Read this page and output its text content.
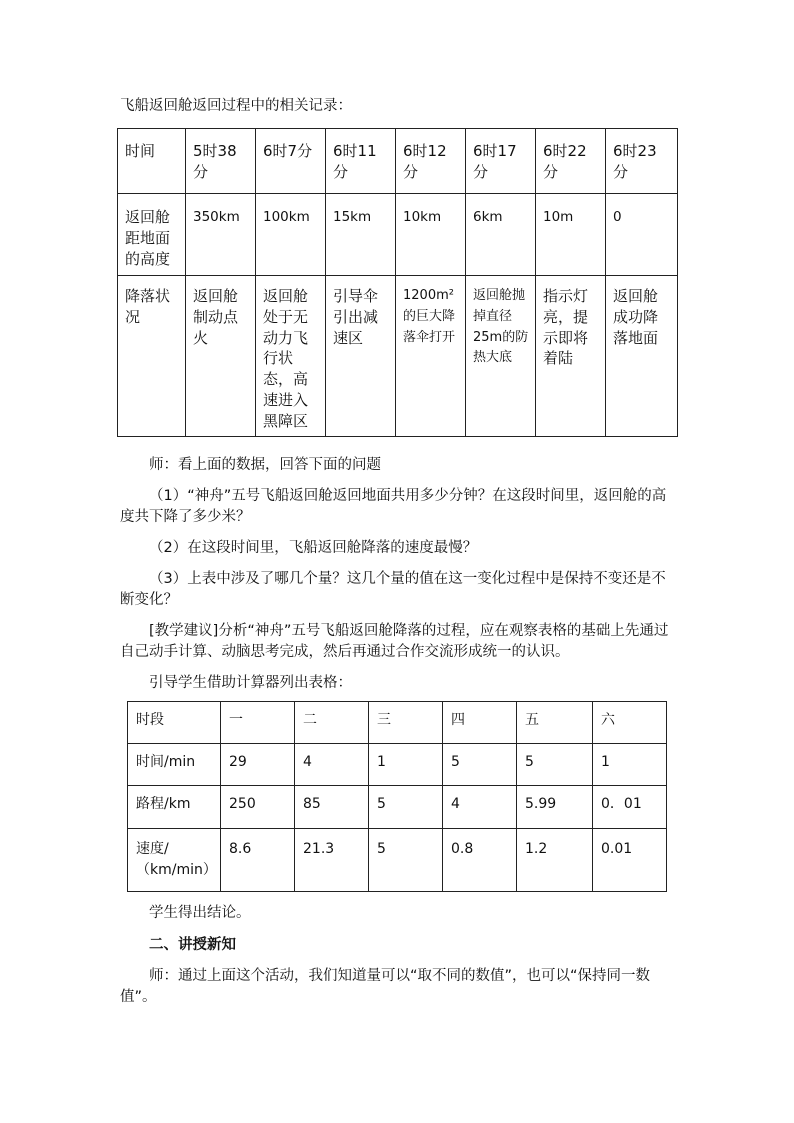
飞船返回舱返回过程中的相关记录：
时间	5时38分	6时7分	6时11分	6时12分	6时17分	6时22分	6时23分
返回舱距地面的高度	350km	100km	15km	10km	6km	10m	0
降落状况	返回舱制动点火	返回舱处于无动力飞行状态，高速进入黑障区	引导伞引出减速区	1200m²的巨大降落伞打开	返回舱抛掉直径25m的防热大底	指示灯亮，提示即将着陆	返回舱成功降落地面
师：看上面的数据，回答下面的问题
（1）“神舟”五号飞船返回舱返回地面共用多少分钟？在这段时间里，返回舱的高度共下降了多少米？
（2）在这段时间里，飞船返回舱降落的速度最慢？
（3）上表中涉及了哪几个量？这几个量的值在这一变化过程中是保持不变还是不断变化？
[教学建议]分析“神舟”五号飞船返回舱降落的过程，应在观察表格的基础上先通过自己动手计算、动脑思考完成，然后再通过合作交流形成统一的认识。
引导学生借助计算器列出表格：
时段	一	二	三	四	五	六
时间/min	29	4	1	5	5	1
路程/km	250	85	5	4	5.99	0．01
速度/（km/min）	8.6	21.3	5	0.8	1.2	0.01
学生得出结论。
二、讲授新知
师：通过上面这个活动，我们知道量可以“取不同的数值”，也可以“保持同一数值”。
